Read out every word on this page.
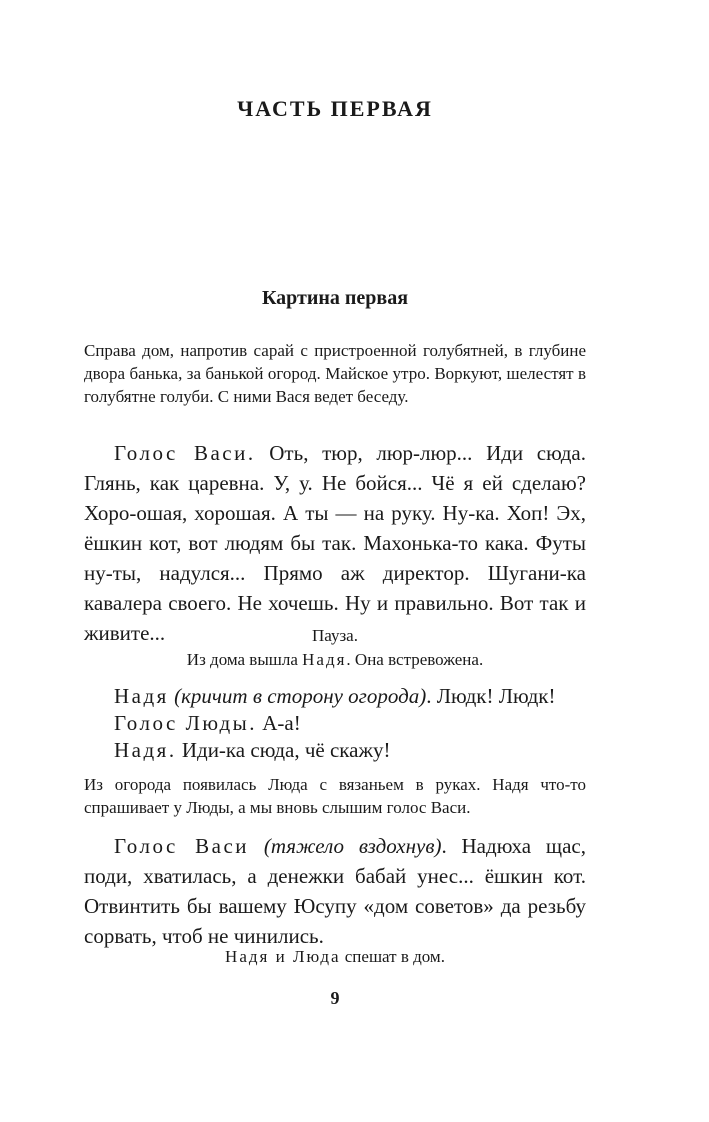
ЧАСТЬ ПЕРВАЯ
Картина первая

Справа дом, напротив сарай с пристроенной голубятней, в глубине двора банька, за банькой огород. Майское утро. Воркуют, шелестят в голубятне голуби. С ними Вася ведет беседу.

Голос Васи. Оть, тюр, люр-люр... Иди сюда. Глянь, как царевна. У, у. Не бойся... Чё я ей сделаю? Хоро-ошая, хорошая. А ты — на руку. Ну-ка. Хоп! Эх, ёшкин кот, вот людям бы так. Махонька-то кака. Футы ну-ты, надулся... Прямо аж директор. Шугани-ка кавалера своего. Не хочешь. Ну и правильно. Вот так и живите...	Пауза.

Из дома вышла Надя. Она встревожена.

Надя (кричит в сторону огорода). Людк! Людк!

Голос Люды. А-а!

Надя. Иди-ка сюда, чё скажу!

Из огорода появилась Люда с вязаньем в руках. Надя что-то спрашивает у Люды, а мы вновь слышим голос Васи.

Голос Васи (тяжело вздохнув). Надюха щас, поди, хватилась, а денежки бабай унес... ёшкин кот. Отвинтить бы вашему Юсупу «дом советов» да резьбу сорвать, чтоб не чинились.

Надя и Люда спешат в дом.

9
